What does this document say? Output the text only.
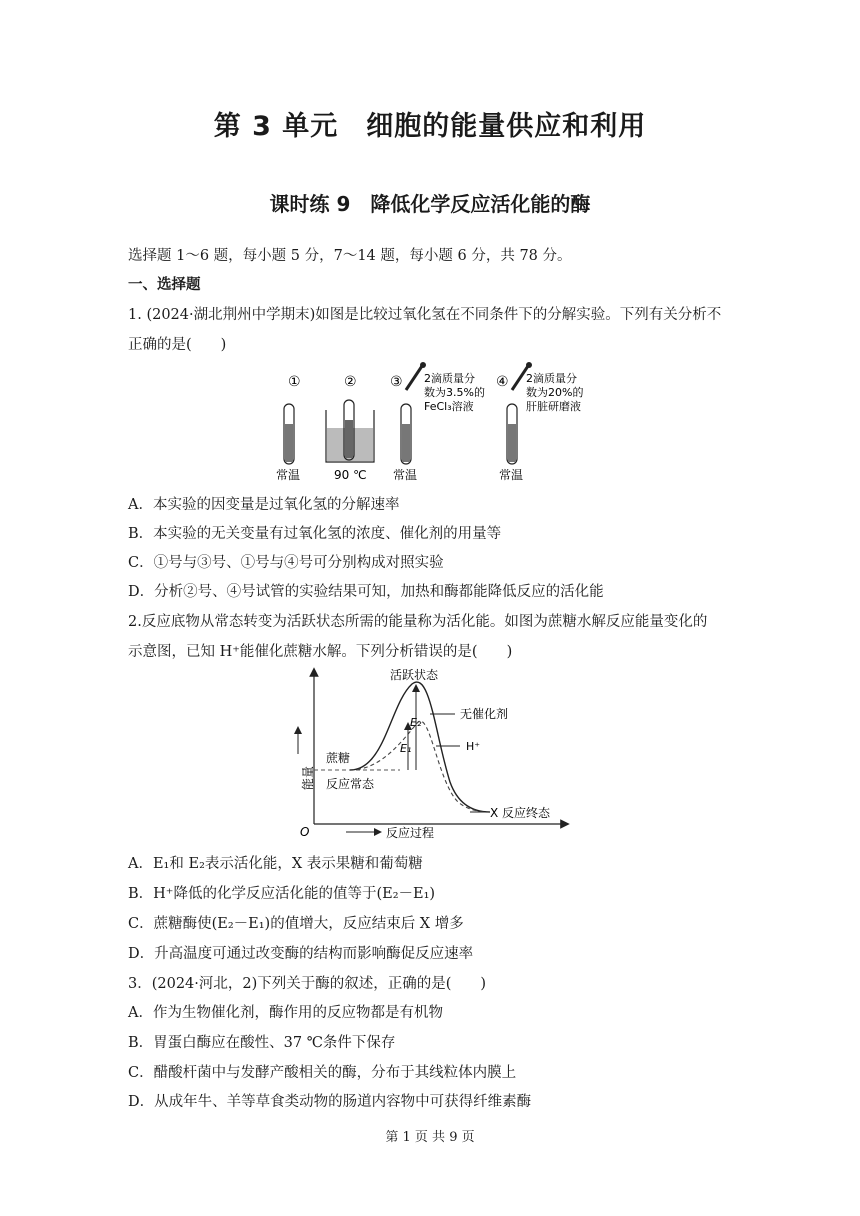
第 3 单元　细胞的能量供应和利用
课时练 9　降低化学反应活化能的酶
选择题 1～6 题，每小题 5 分，7～14 题，每小题 6 分，共 78 分。
一、选择题
1. (2024·湖北荆州中学期末)如图是比较过氧化氢在不同条件下的分解实验。下列有关分析不
正确的是(　　)
①
常温
②
90 ℃
③ 2滴质量分
数为3.5%的
FeCl₃溶液
常温
④ 2滴质量分
数为20%的
肝脏研磨液
常温
A．本实验的因变量是过氧化氢的分解速率
B．本实验的无关变量有过氧化氢的浓度、催化剂的用量等
C．①号与③号、①号与④号可分别构成对照实验
D．分析②号、④号试管的实验结果可知，加热和酶都能降低反应的活化能
2.反应底物从常态转变为活跃状态所需的能量称为活化能。如图为蔗糖水解反应能量变化的
示意图，已知 H⁺能催化蔗糖水解。下列分析错误的是(　　)
O
能量
反应过程
E₂
E₁
活跃状态
无催化剂
H⁺
蔗糖
反应常态
X 反应终态
A．E₁和 E₂表示活化能，X 表示果糖和葡萄糖
B．H⁺降低的化学反应活化能的值等于(E₂－E₁)
C．蔗糖酶使(E₂－E₁)的值增大，反应结束后 X 增多
D．升高温度可通过改变酶的结构而影响酶促反应速率
3．(2024·河北，2)下列关于酶的叙述，正确的是(　　)
A．作为生物催化剂，酶作用的反应物都是有机物
B．胃蛋白酶应在酸性、37 ℃条件下保存
C．醋酸杆菌中与发酵产酸相关的酶，分布于其线粒体内膜上
D．从成年牛、羊等草食类动物的肠道内容物中可获得纤维素酶
第 1 页 共 9 页
